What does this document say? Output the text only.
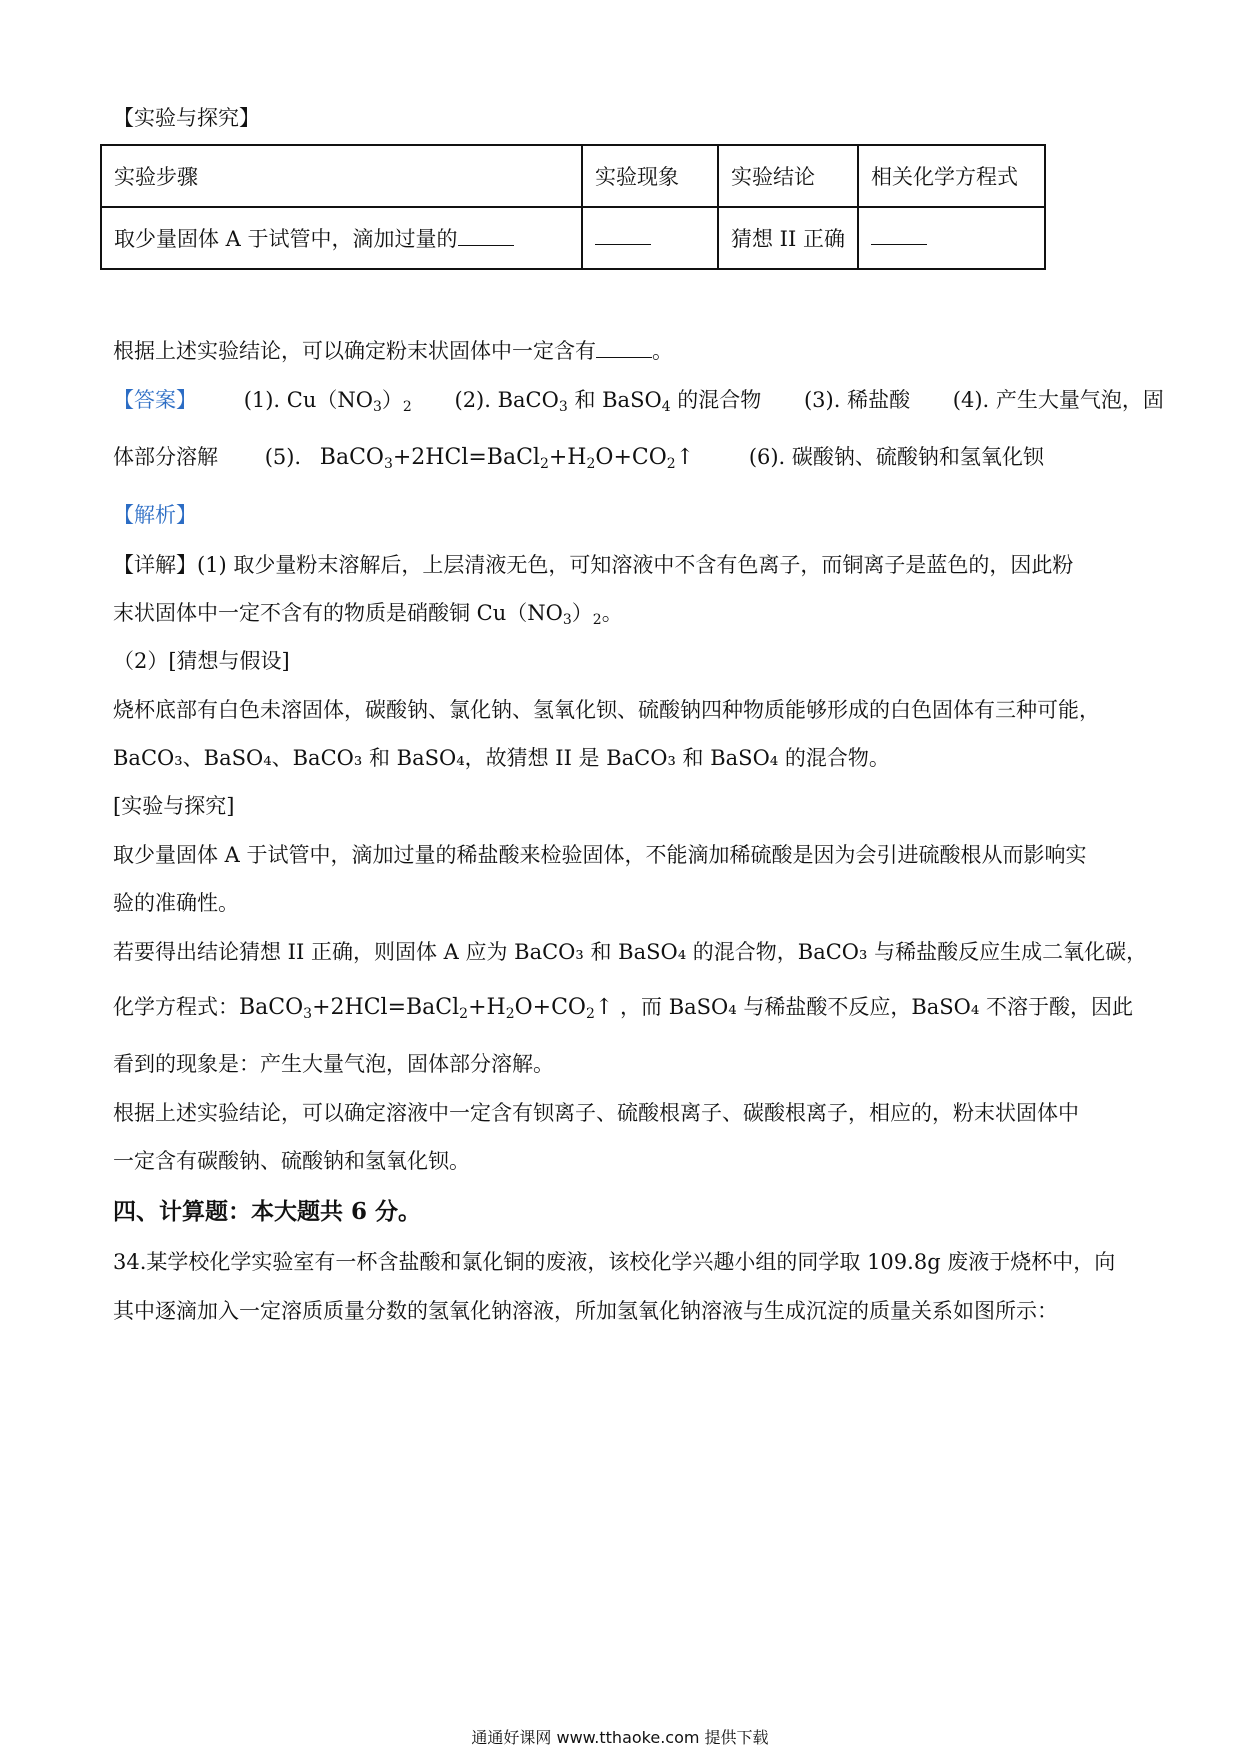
【实验与探究】
实验步骤	实验现象	实验结论	相关化学方程式
取少量固体 A 于试管中，滴加过量的		猜想 II 正确	
根据上述实验结论，可以确定粉末状固体中一定含有	。
【答案】 (1). $Cu(NO_3)_2$ (2). BaCO$_3$ 和 BaSO$_4$ 的混合物 (3). 稀盐酸 (4). 产生大量气泡，固
体部分溶解 (5). $BaCO_3+2HCl=BaCl_2+H_2O+CO_2↑$	(6). 碳酸钠、硫酸钠和氢氧化钡
【解析】
【详解】(1) 取少量粉末溶解后，上层清液无色，可知溶液中不含有色离子，而铜离子是蓝色的，因此粉
末状固体中一定不含有的物质是硝酸铜 $Cu(NO_3)_2$。
（2）[猜想与假设]
烧杯底部有白色未溶固体，碳酸钠、氯化钠、氢氧化钡、硫酸钠四种物质能够形成的白色固体有三种可能，
BaCO₃、BaSO₄、BaCO₃ 和 BaSO₄，故猜想 II 是 BaCO₃ 和 BaSO₄ 的混合物。
[实验与探究]
取少量固体 A 于试管中，滴加过量的稀盐酸来检验固体，不能滴加稀硫酸是因为会引进硫酸根从而影响实
验的准确性。
若要得出结论猜想 II 正确，则固体 A 应为 BaCO₃ 和 BaSO₄ 的混合物，BaCO₃ 与稀盐酸反应生成二氧化碳，
化学方程式：$BaCO_3+2HCl=BaCl_2+H_2O+CO_2↑$ ，而 BaSO₄ 与稀盐酸不反应，BaSO₄ 不溶于酸，因此
看到的现象是：产生大量气泡，固体部分溶解。
根据上述实验结论，可以确定溶液中一定含有钡离子、硫酸根离子、碳酸根离子，相应的，粉末状固体中
一定含有碳酸钠、硫酸钠和氢氧化钡。
四、计算题：本大题共 6 分。
34.某学校化学实验室有一杯含盐酸和氯化铜的废液，该校化学兴趣小组的同学取 109.8g 废液于烧杯中，向
其中逐滴加入一定溶质质量分数的氢氧化钠溶液，所加氢氧化钠溶液与生成沉淀的质量关系如图所示：
通通好课网 www.tthaoke.com 提供下载
